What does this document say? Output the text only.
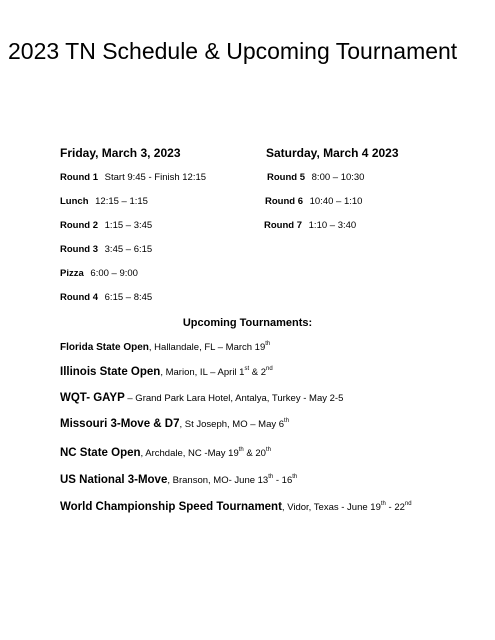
2023 TN Schedule & Upcoming Tournament
Friday, March 3, 2023
Round 1 Start 9:45 - Finish 12:15
Lunch 12:15 – 1:15
Round 2 1:15 – 3:45
Round 3 3:45 – 6:15
Pizza 6:00 – 9:00
Round 4 6:15 – 8:45
Saturday, March 4 2023
Round 5 8:00 – 10:30
Round 6 10:40 – 1:10
Round 7 1:10 – 3:40
Upcoming Tournaments:
Florida State Open, Hallandale, FL – March 19th
Illinois State Open, Marion, IL – April 1st & 2nd
WQT- GAYP – Grand Park Lara Hotel, Antalya, Turkey - May 2-5
Missouri 3-Move & D7, St Joseph, MO – May 6th
NC State Open, Archdale, NC -May 19th & 20th
US National 3-Move, Branson, MO- June 13th - 16th
World Championship Speed Tournament, Vidor, Texas - June 19th - 22nd
